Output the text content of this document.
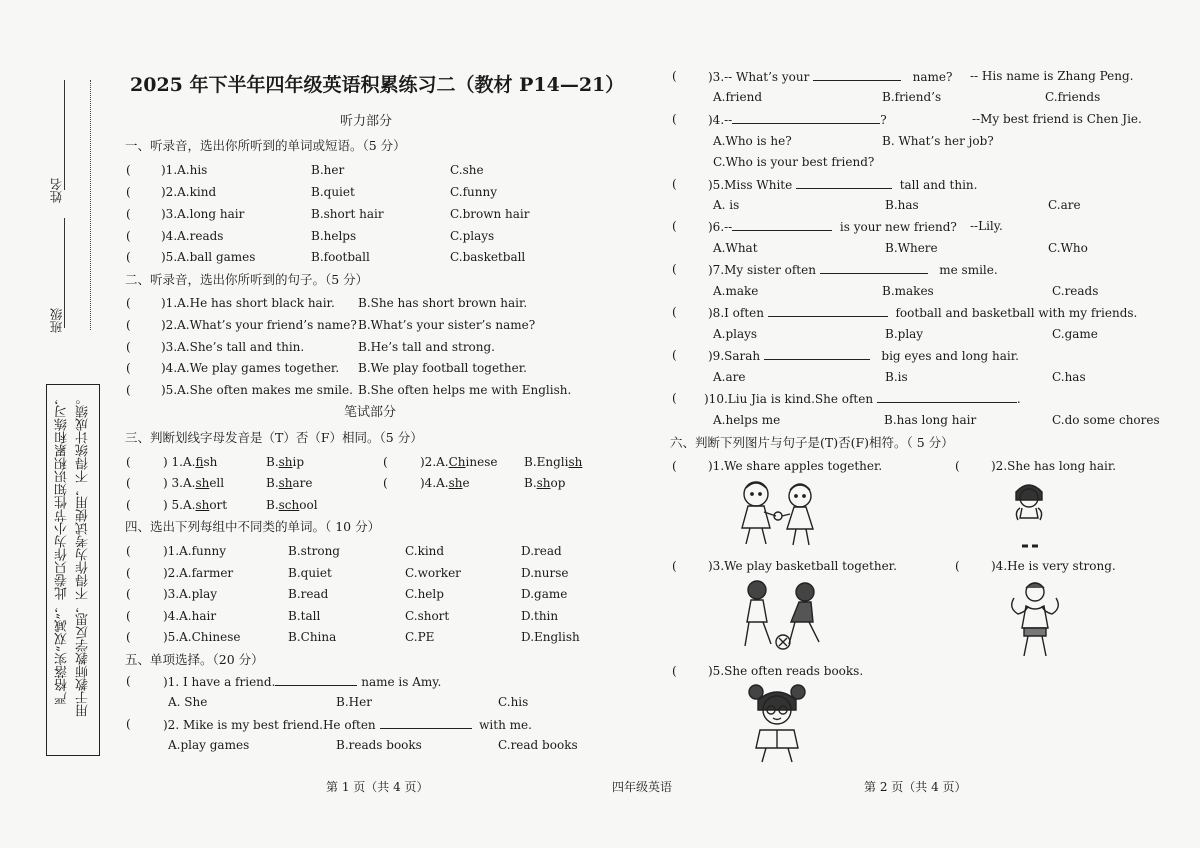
姓名
班级
严格落实“双减”，此卷只作为小节性知识积累和练习， 用于教师教学反思，不得作为考试使用，不得统计成绩。
2025 年下半年四年级英语积累练习二（教材 P14—21）
听力部分
一、听录音，选出你所听到的单词或短语。（5 分）
(	)1.A.his	B.her	C.she
(	)2.A.kind	B.quiet	C.funny
(	)3.A.long hair	B.short hair	C.brown hair
(	)4.A.reads	B.helps	C.plays
(	)5.A.ball games	B.football	C.basketball
二、听录音，选出你所听到的句子。（5 分）
(	)1.A.He has short black hair. B.She has short brown hair.
(	)2.A.What’s your friend’s name? B.What’s your sister’s name?
(	)3.A.She’s tall and thin.	B.He’s tall and strong.
(	)4.A.We play games together. B.We play football together.
(	)5.A.She often makes me smile. B.She often helps me with English.
笔试部分
三、判断划线字母发音是（T）否（F）相同。（5 分）
(	) 1.A.fish	B.ship	(	)2.A.Chinese B.English
(	) 3.A.shell	B.share	(	)4.A.she	B.shop
(	) 5.A.short	B.school
四、选出下列每组中不同类的单词。（ 10 分）
(	)1.A.funny	B.strong	C.kind	D.read
(	)2.A.farmer	B.quiet	C.worker	D.nurse
(	)3.A.play	B.read	C.help	D.game
(	)4.A.hair	B.tall	C.short	D.thin
(	)5.A.Chinese	B.China	C.PE	D.English
五、单项选择。（20 分）
(	)1. I have a friend.	name is Amy.
A. She	B.Her	C.his
(	)2. Mike is my best friend.He often	with me.
A.play games	B.reads books	C.read books
(	)3.-- What’s your	name? -- His name is Zhang Peng.
A.friend	B.friend’s	C.friends
(	)4.--	?	--My best friend is Chen Jie.
A.Who is he?	B. What’s her job?
C.Who is your best friend?
(	)5.Miss White	tall and thin.
A. is	B.has	C.are
(	)6.--	is your new friend? --Lily.
A.What	B.Where	C.Who
(	)7.My sister often	me smile.
A.make	B.makes	C.reads
(	)8.I often	football and basketball with my friends.
A.plays	B.play	C.game
(	)9.Sarah	big eyes and long hair.
A.are	B.is	C.has
( )10.Liu Jia is kind.She often	.
A.helps me	B.has long hair	C.do some chores
六、判断下列图片与句子是(T)否(F)相符。（ 5 分）
(	)1.We share apples together.	(	)2.She has long hair.
(	)3.We play basketball together.	(	)4.He is very strong.
(	)5.She often reads books.
第 1 页（共 4 页）	四年级英语	第 2 页（共 4 页）
